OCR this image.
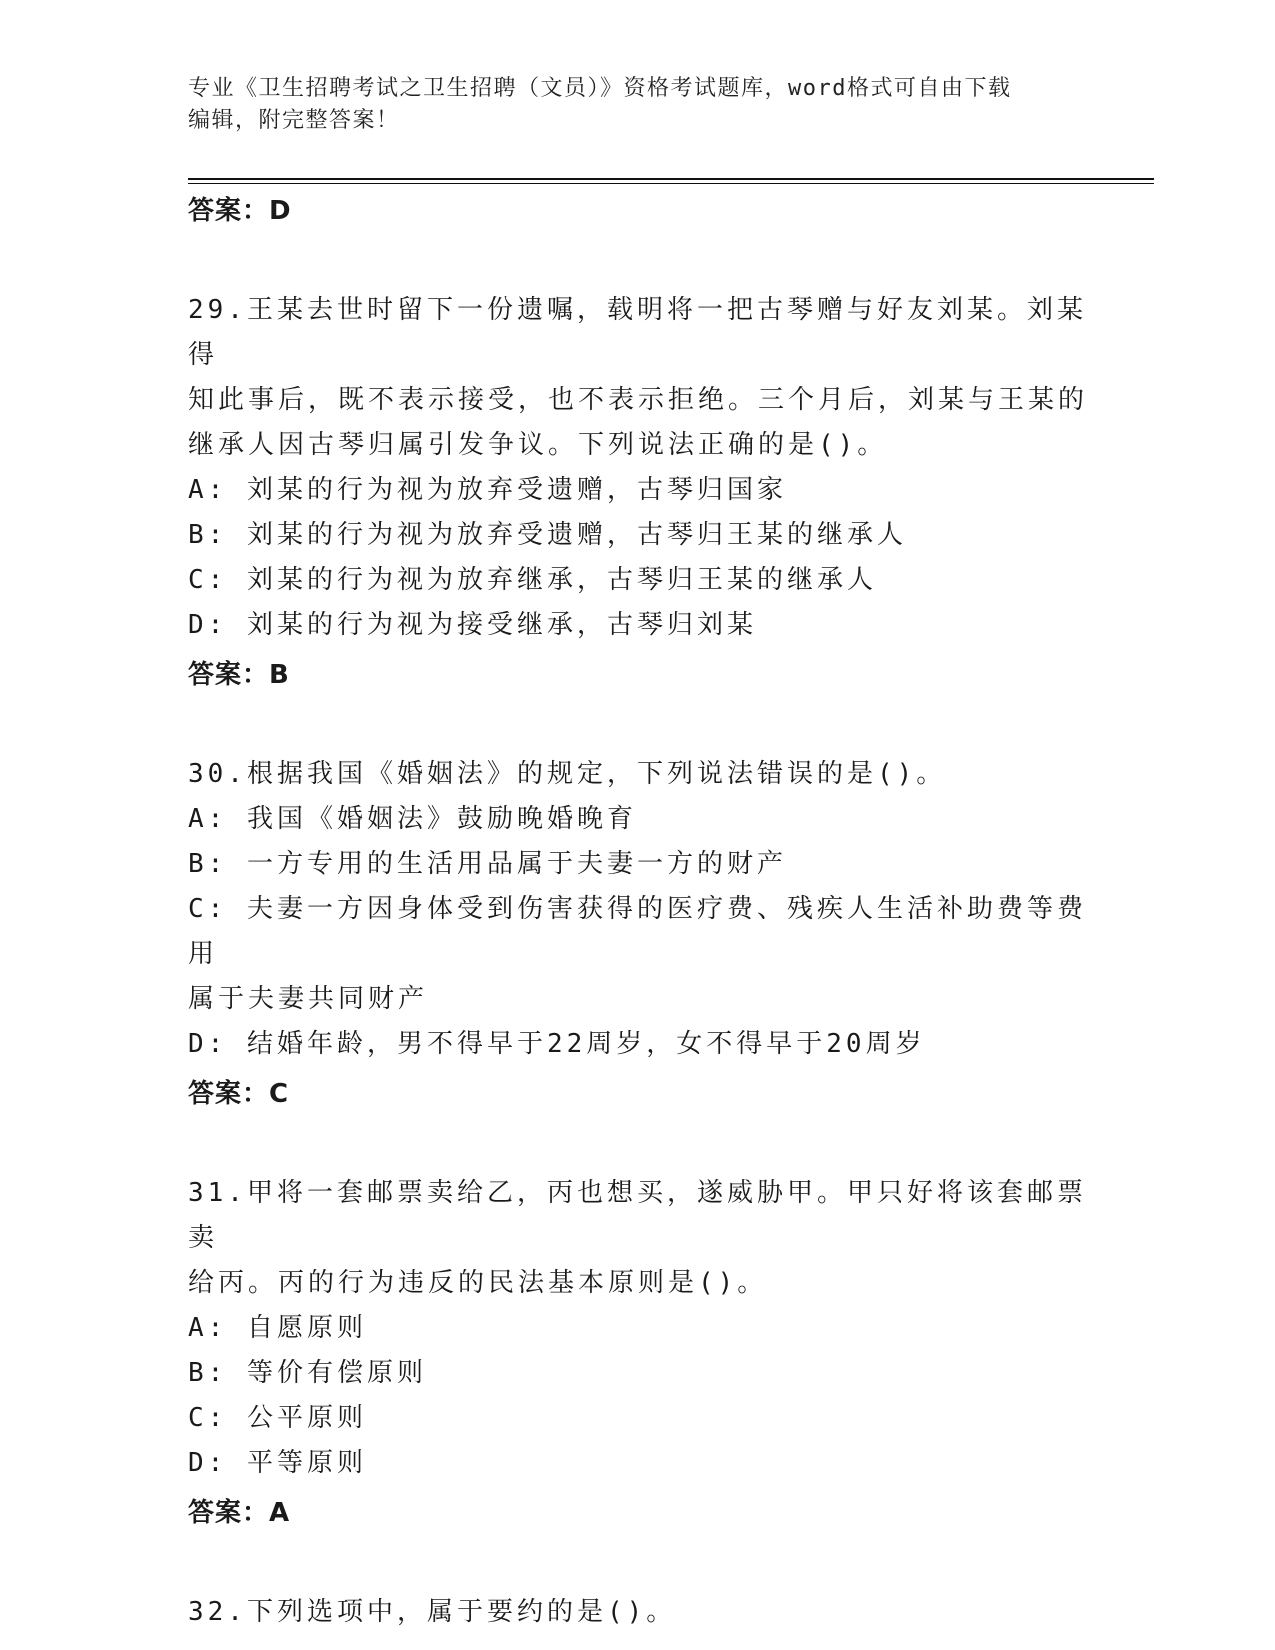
专业《卫生招聘考试之卫生招聘（文员）》资格考试题库，word格式可自由下载
编辑，附完整答案！
答案：D
29.王某去世时留下一份遗嘱，载明将一把古琴赠与好友刘某。刘某得
知此事后，既不表示接受，也不表示拒绝。三个月后，刘某与王某的
继承人因古琴归属引发争议。下列说法正确的是()。
A: 刘某的行为视为放弃受遗赠，古琴归国家
B: 刘某的行为视为放弃受遗赠，古琴归王某的继承人
C: 刘某的行为视为放弃继承，古琴归王某的继承人
D: 刘某的行为视为接受继承，古琴归刘某
答案：B
30.根据我国《婚姻法》的规定，下列说法错误的是()。
A: 我国《婚姻法》鼓励晚婚晚育
B: 一方专用的生活用品属于夫妻一方的财产
C: 夫妻一方因身体受到伤害获得的医疗费、残疾人生活补助费等费用
属于夫妻共同财产
D: 结婚年龄，男不得早于22周岁，女不得早于20周岁
答案：C
31.甲将一套邮票卖给乙，丙也想买，遂威胁甲。甲只好将该套邮票卖
给丙。丙的行为违反的民法基本原则是()。
A: 自愿原则
B: 等价有偿原则
C: 公平原则
D: 平等原则
答案：A
32.下列选项中，属于要约的是()。
